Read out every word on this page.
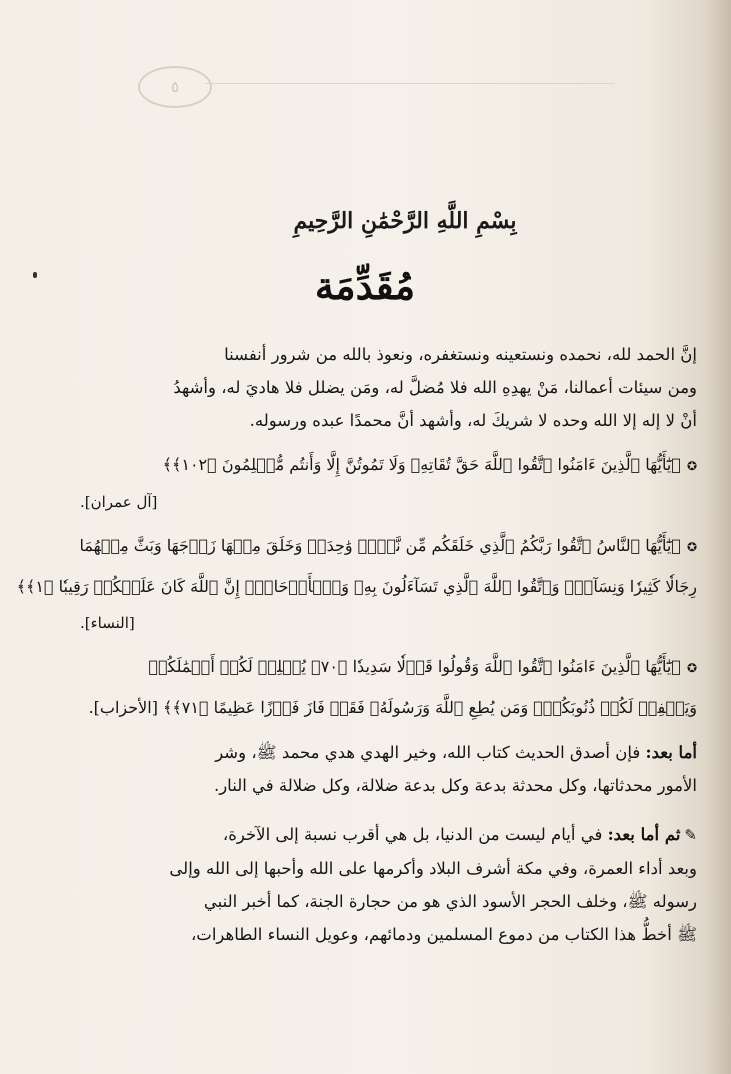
٥
بِسْمِ اللَّهِ الرَّحْمَٰنِ الرَّحِيمِ
مُقَدِّمَة
إنَّ الحمد لله، نحمده ونستعينه ونستغفره، ونعوذ بالله من شرور أنفسنا
ومن سيئات أعمالنا، مَنْ يهدِهِ الله فلا مُضلَّ له، ومَن يضلل فلا هاديَ له، وأشهدُ
أنْ لا إله إلا الله وحده لا شريكَ له، وأشهد أنَّ محمدًا عبده ورسوله.
✪﴿يَٰٓأَيُّهَا ٱلَّذِينَ ءَامَنُوا ٱتَّقُوا ٱللَّهَ حَقَّ تُقَاتِهِۦ وَلَا تَمُوتُنَّ إِلَّا وَأَنتُم مُّسۡلِمُونَ ﴿١٠٢﴾﴾
[آل عمران].
✪﴿يَٰٓأَيُّهَا ٱلنَّاسُ ٱتَّقُوا رَبَّكُمُ ٱلَّذِي خَلَقَكُم مِّن نَّفۡسٖ وَٰحِدَةٖ وَخَلَقَ مِنۡهَا زَوۡجَهَا وَبَثَّ مِنۡهُمَا
رِجَالٗا كَثِيرٗا وَنِسَآءٗۚ وَٱتَّقُوا ٱللَّهَ ٱلَّذِي تَسَآءَلُونَ بِهِۦ وَٱلۡأَرۡحَامَۚ إِنَّ ٱللَّهَ كَانَ عَلَيۡكُمۡ رَقِيبٗا ﴿١﴾﴾
[النساء].
✪﴿يَٰٓأَيُّهَا ٱلَّذِينَ ءَامَنُوا ٱتَّقُوا ٱللَّهَ وَقُولُوا قَوۡلٗا سَدِيدٗا ﴿٧٠﴾ يُصۡلِحۡ لَكُمۡ أَعۡمَٰلَكُمۡ
وَيَغۡفِرۡ لَكُمۡ ذُنُوبَكُمۡۗ وَمَن يُطِعِ ٱللَّهَ وَرَسُولَهُۥ فَقَدۡ فَازَ فَوۡزًا عَظِيمًا ﴿٧١﴾﴾ [الأحزاب].
أما بعد: فإن أصدق الحديث كتاب الله، وخير الهدي هدي محمد ﷺ، وشر
الأمور محدثاتها، وكل محدثة بدعة وكل بدعة ضلالة، وكل ضلالة في النار.
✎ثم أما بعد: في أيام ليست من الدنيا، بل هي أقرب نسبة إلى الآخرة،
وبعد أداء العمرة، وفي مكة أشرف البلاد وأكرمها على الله وأحبها إلى الله وإلى
رسوله ﷺ، وخلف الحجر الأسود الذي هو من حجارة الجنة، كما أخبر النبي
ﷺ أخطُّ هذا الكتاب من دموع المسلمين ودمائهم، وعويل النساء الطاهرات،
